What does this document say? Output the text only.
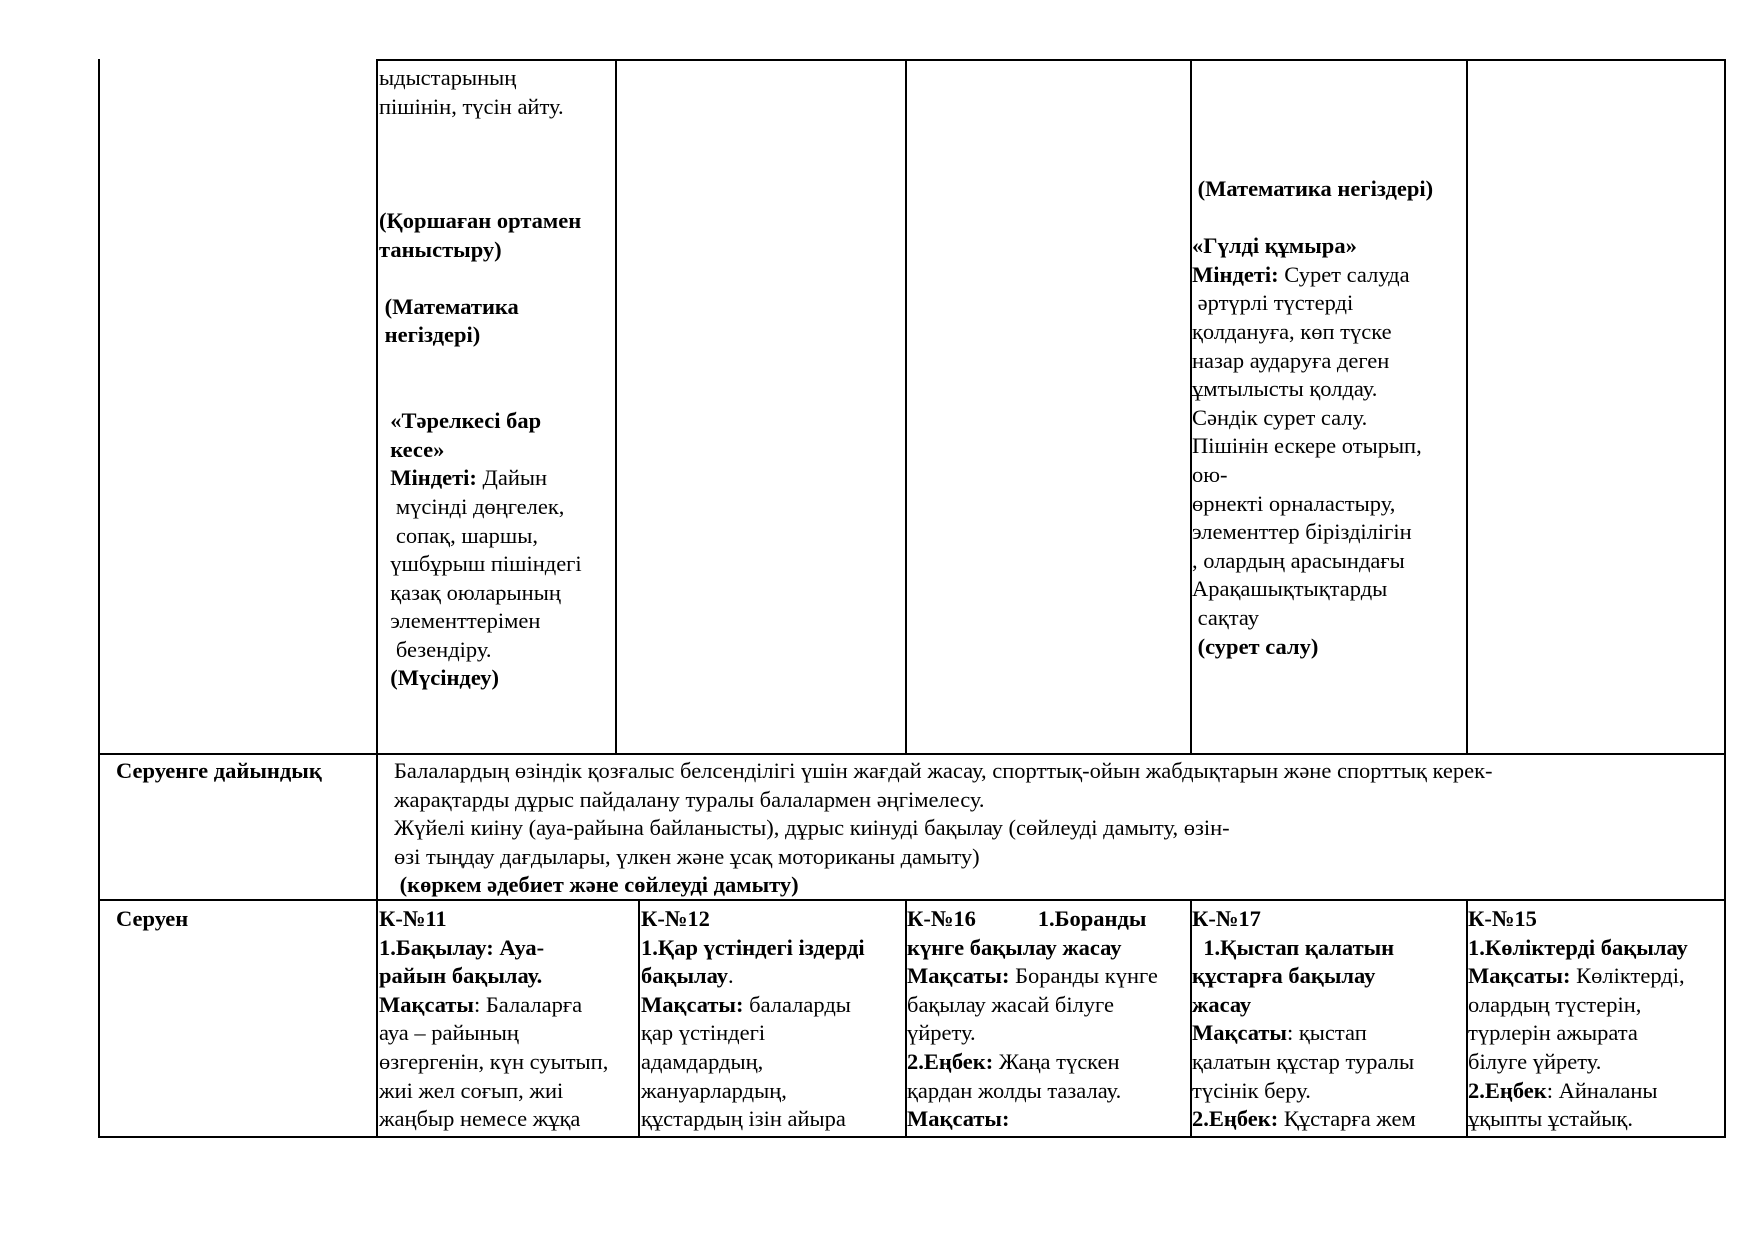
ыдыстарының
пішінін, түсін айту.
(Қоршаған ортамен
таныстыру)
(Математика
негіздері)
«Тәрелкесі бар
кесе»
Міндеті: Дайын
мүсінді дөңгелек,
сопақ, шаршы,
үшбұрыш пішіндегі
қазақ оюларының
элементтерімен
безендіру.
(Мүсіндеу)
(Математика негіздері)
«Гүлді құмыра»
Міндеті: Сурет салуда
әртүрлі түстерді
қолдануға, көп түске
назар аударуға деген
ұмтылысты қолдау.
Сәндік сурет салу.
Пішінін ескере отырып,
ою-
өрнекті орналастыру,
элементтер біріздiлігін
, олардың арасындағы
Арақашықтықтарды
сақтау
(сурет салу)
Серуенге дайындық	Балалардың өзіндік қозғалыс белсенділігі үшін жағдай жасау, спорттық-ойын жабдықтарын және спорттық керек-
жарақтарды дұрыс пайдалану туралы балалармен әңгімелесу.
Жүйелі киіну (ауа-райына байланысты), дұрыс киінуді бақылау (сөйлеуді дамыту, өзін-
өзі тыңдау дағдылары, үлкен және ұсақ моториканы дамыту)
(көркем әдебиет және сөйлеуді дамыту)
Серуен	К-№11
1.Бақылау: Ауа-
райын бақылау.
Мақсаты: Балаларға
ауа – райының
өзгергенін, күн суытып,
жиі жел соғып, жиі
жаңбыр немесе жұқа
К-№12
1.Қар үстіндегі іздерді
бақылау.
Мақсаты: балаларды
қар үстіндегі
адамдардың,
жануарлардың,
құстардың ізін айыра
К-№16           1.Боранды
күнге бақылау жасау
Мақсаты: Боранды күнге
бақылау жасай білуге
үйрету.
2.Еңбек: Жаңа түскен
қардан жолды тазалау.
Мақсаты:
К-№17
1.Қыстап қалатын
құстарға бақылау
жасау
Мақсаты: қыстап
қалатын құстар туралы
түсінік беру.
2.Еңбек: Құстарға жем
К-№15
1.Көліктерді бақылау
Мақсаты: Көліктерді,
олардың түстерін,
түрлерін ажырата
білуге үйрету.
2.Еңбек: Айналаны
ұқыпты ұстайық.
